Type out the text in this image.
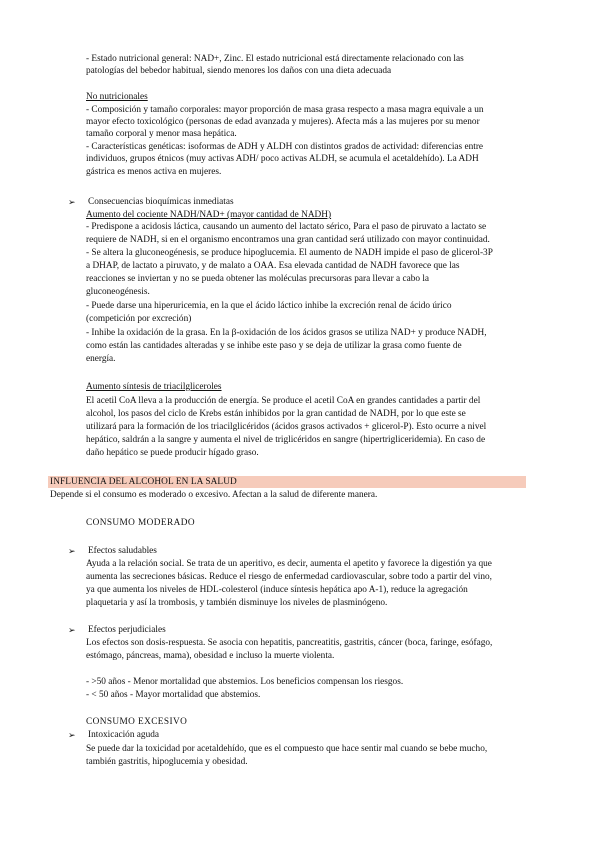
- Estado nutricional general: NAD+, Zinc. El estado nutricional está directamente relacionado con las
patologías del bebedor habitual, siendo menores los daños con una dieta adecuada
No nutricionales
- Composición y tamaño corporales: mayor proporción de masa grasa respecto a masa magra equivale a un
mayor efecto toxicológico (personas de edad avanzada y mujeres). Afecta más a las mujeres por su menor
tamaño corporal y menor masa hepática.
- Características genéticas: isoformas de ADH y ALDH con distintos grados de actividad: diferencias entre
individuos, grupos étnicos (muy activas ADH/ poco activas ALDH, se acumula el acetaldehído). La ADH
gástrica es menos activa en mujeres.
➢ Consecuencias bioquímicas inmediatas
Aumento del cociente NADH/NAD+ (mayor cantidad de NADH)
- Predispone a acidosis láctica, causando un aumento del lactato sérico, Para el paso de piruvato a lactato se
requiere de NADH, si en el organismo encontramos una gran cantidad será utilizado con mayor continuidad.
- Se altera la gluconeogénesis, se produce hipoglucemia. El aumento de NADH impide el paso de glicerol-3P
a DHAP, de lactato a piruvato, y de malato a OAA. Esa elevada cantidad de NADH favorece que las
reacciones se inviertan y no se pueda obtener las moléculas precursoras para llevar a cabo la
gluconeogénesis.
- Puede darse una hiperuricemia, en la que el ácido láctico inhibe la excreción renal de ácido úrico
(competición por excreción)
- Inhibe la oxidación de la grasa. En la β-oxidación de los ácidos grasos se utiliza NAD+ y produce NADH,
como están las cantidades alteradas y se inhibe este paso y se deja de utilizar la grasa como fuente de
energía.
Aumento síntesis de triacilgliceroles
El acetil CoA lleva a la producción de energía. Se produce el acetil CoA en grandes cantidades a partir del
alcohol, los pasos del ciclo de Krebs están inhibidos por la gran cantidad de NADH, por lo que este se
utilizará para la formación de los triacilglicéridos (ácidos grasos activados + glicerol-P). Esto ocurre a nivel
hepático, saldrán a la sangre y aumenta el nivel de triglicéridos en sangre (hipertrigliceridemia). En caso de
daño hepático se puede producir hígado graso.
INFLUENCIA DEL ALCOHOL EN LA SALUD
Depende si el consumo es moderado o excesivo. Afectan a la salud de diferente manera.
CONSUMO MODERADO
➢ Efectos saludables
Ayuda a la relación social. Se trata de un aperitivo, es decir, aumenta el apetito y favorece la digestión ya que
aumenta las secreciones básicas. Reduce el riesgo de enfermedad cardiovascular, sobre todo a partir del vino,
ya que aumenta los niveles de HDL-colesterol (induce síntesis hepática apo A-1), reduce la agregación
plaquetaria y así la trombosis, y también disminuye los niveles de plasminógeno.
➢ Efectos perjudiciales
Los efectos son dosis-respuesta. Se asocia con hepatitis, pancreatitis, gastritis, cáncer (boca, faringe, esófago,
estómago, páncreas, mama), obesidad e incluso la muerte violenta.
- >50 años - Menor mortalidad que abstemios. Los beneficios compensan los riesgos.
- < 50 años - Mayor mortalidad que abstemios.
CONSUMO EXCESIVO
➢ Intoxicación aguda
Se puede dar la toxicidad por acetaldehído, que es el compuesto que hace sentir mal cuando se bebe mucho,
también gastritis, hipoglucemia y obesidad.
